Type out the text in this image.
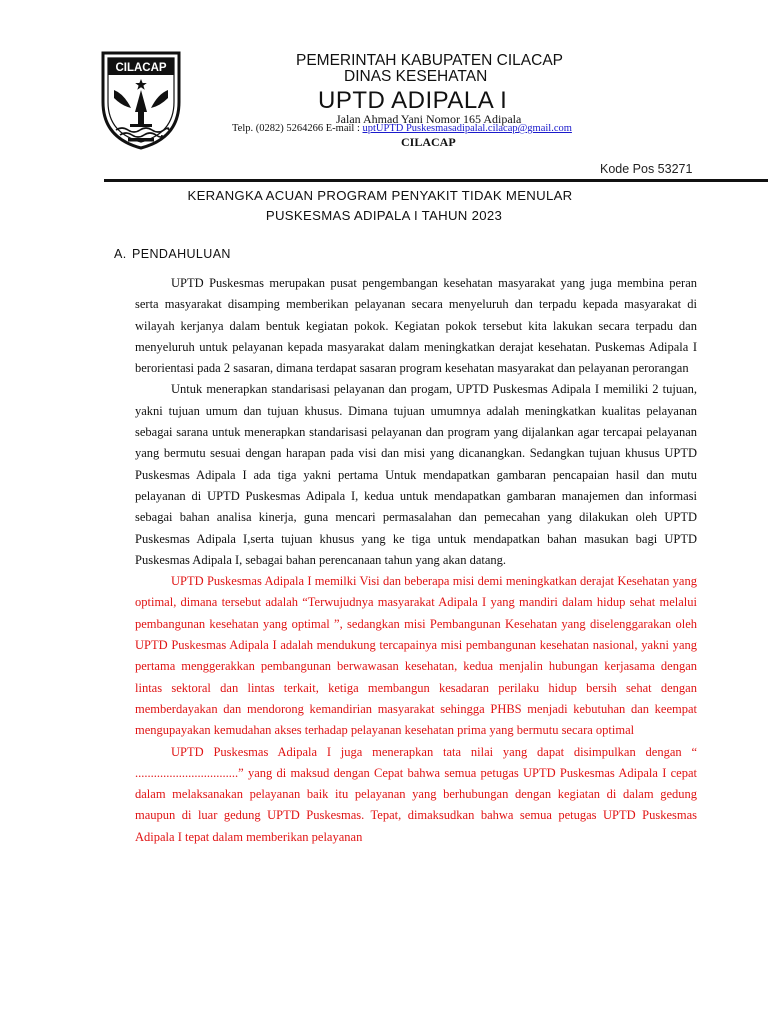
CILACAP	PEMERINTAH KABUPATEN CILACAP
DINAS KESEHATAN
UPTD ADIPALA I
Jalan Ahmad Yani Nomor 165 Adipala
Telp. (0282) 5264266 E-mail : uptUPTD Puskesmasadipalal.cilacap@gmail.com
CILACAP
Kode Pos 53271
KERANGKA ACUAN PROGRAM PENYAKIT TIDAK MENULAR
PUSKESMAS ADIPALA I TAHUN 2023
A. PENDAHULUAN

UPTD Puskesmas merupakan pusat pengembangan kesehatan masyarakat yang juga membina peran serta masyarakat disamping memberikan pelayanan secara menyeluruh dan terpadu kepada masyarakat di wilayah kerjanya dalam bentuk kegiatan pokok. Kegiatan pokok tersebut kita lakukan secara terpadu dan menyeluruh untuk pelayanan kepada masyarakat dalam meningkatkan derajat kesehatan. Puskemas Adipala I berorientasi pada 2 sasaran, dimana terdapat sasaran program kesehatan masyarakat dan pelayanan perorangan

Untuk menerapkan standarisasi pelayanan dan progam, UPTD Puskesmas Adipala I memiliki 2 tujuan, yakni tujuan umum dan tujuan khusus. Dimana tujuan umumnya adalah meningkatkan kualitas pelayanan sebagai sarana untuk menerapkan standarisasi pelayanan dan program yang dijalankan agar tercapai pelayanan yang bermutu sesuai dengan harapan pada visi dan misi yang dicanangkan. Sedangkan tujuan khusus UPTD Puskesmas Adipala I ada tiga yakni pertama Untuk mendapatkan gambaran pencapaian hasil dan mutu pelayanan di UPTD Puskesmas Adipala I, kedua untuk mendapatkan gambaran manajemen dan informasi sebagai bahan analisa kinerja, guna mencari permasalahan dan pemecahan yang dilakukan oleh UPTD Puskesmas Adipala I,serta tujuan khusus yang ke tiga untuk mendapatkan bahan masukan bagi UPTD Puskesmas Adipala I, sebagai bahan perencanaan tahun yang akan datang.

UPTD Puskesmas Adipala I memilki Visi dan beberapa misi demi meningkatkan derajat Kesehatan yang optimal, dimana tersebut adalah “Terwujudnya masyarakat Adipala I yang mandiri dalam hidup sehat melalui pembangunan kesehatan yang optimal ”, sedangkan misi Pembangunan Kesehatan yang diselenggarakan oleh UPTD Puskesmas Adipala I adalah mendukung tercapainya misi pembangunan kesehatan nasional, yakni yang pertama menggerakkan pembangunan berwawasan kesehatan, kedua menjalin hubungan kerjasama dengan lintas sektoral dan lintas terkait, ketiga membangun kesadaran perilaku hidup bersih sehat dengan memberdayakan dan mendorong kemandirian masyarakat sehingga PHBS menjadi kebutuhan dan keempat mengupayakan kemudahan akses terhadap pelayanan kesehatan prima yang bermutu secara optimal

UPTD Puskesmas Adipala I juga menerapkan tata nilai yang dapat disimpulkan dengan “ .................................” yang di maksud dengan Cepat bahwa semua petugas UPTD Puskesmas Adipala I cepat dalam melaksanakan pelayanan baik itu pelayanan yang berhubungan dengan kegiatan di dalam gedung maupun di luar gedung UPTD Puskesmas. Tepat, dimaksudkan bahwa semua petugas UPTD Puskesmas Adipala I tepat dalam memberikan pelayanan
